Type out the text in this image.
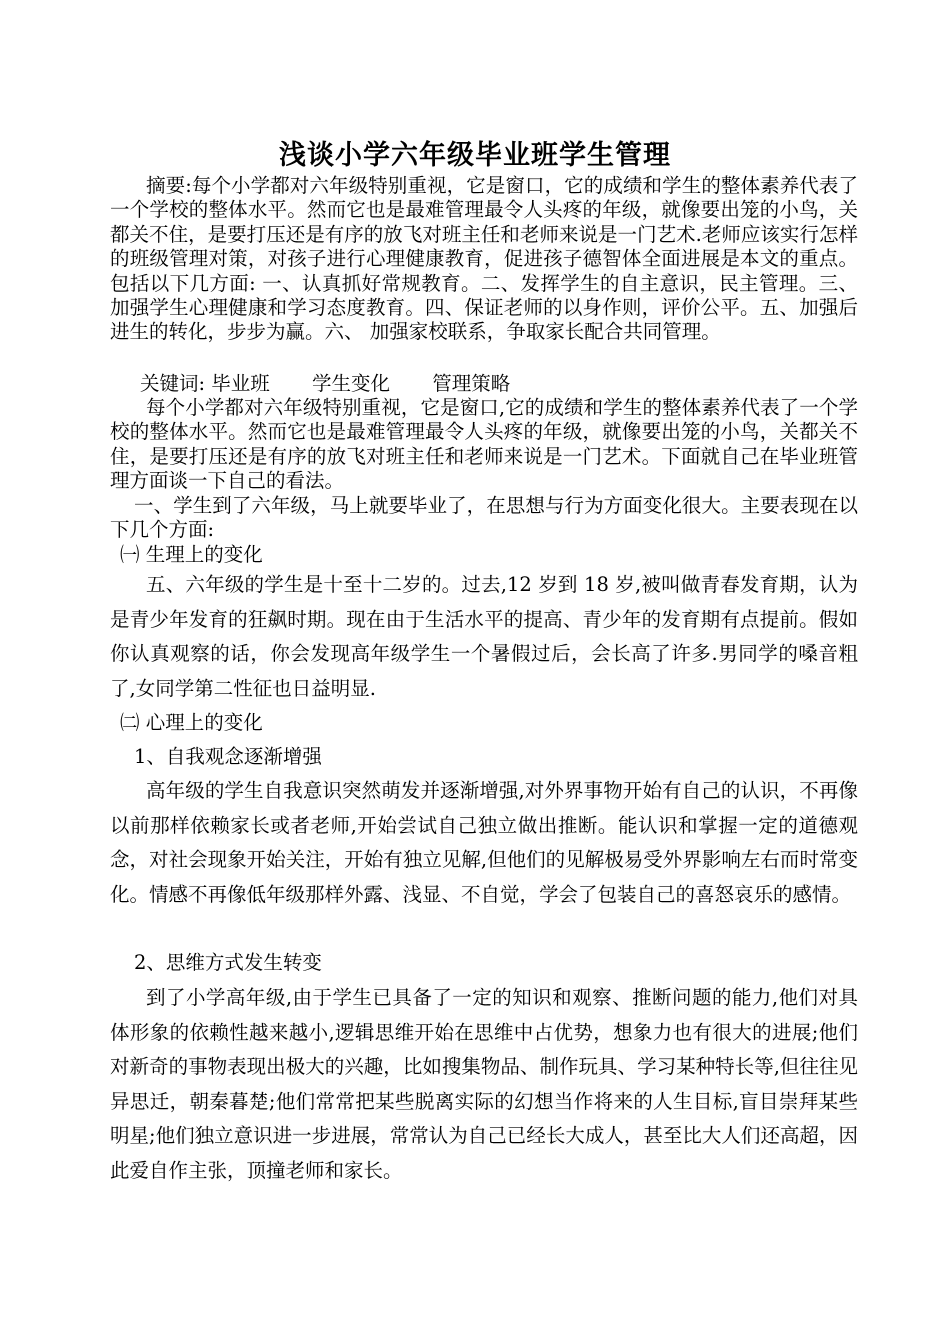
浅谈小学六年级毕业班学生管理

摘要:每个小学都对六年级特别重视，它是窗口，它的成绩和学生的整体素养代表了一个学校的整体水平。然而它也是最难管理最令人头疼的年级，就像要出笼的小鸟，关都关不住，是要打压还是有序的放飞对班主任和老师来说是一门艺术.老师应该实行怎样的班级管理对策，对孩子进行心理健康教育，促进孩子德智体全面进展是本文的重点。包括以下几方面: 一、认真抓好常规教育。二、发挥学生的自主意识，民主管理。三、加强学生心理健康和学习态度教育。四、保证老师的以身作则，评价公平。五、加强后进生的转化，步步为赢。六、 加强家校联系，争取家长配合共同管理。

关键词: 毕业班 学生变化 管理策略

每个小学都对六年级特别重视，它是窗口,它的成绩和学生的整体素养代表了一个学校的整体水平。然而它也是最难管理最令人头疼的年级，就像要出笼的小鸟，关都关不住，是要打压还是有序的放飞对班主任和老师来说是一门艺术。下面就自己在毕业班管理方面谈一下自己的看法。

一、学生到了六年级，马上就要毕业了，在思想与行为方面变化很大。主要表现在以下几个方面:

㈠ 生理上的变化

五、六年级的学生是十至十二岁的。过去,12 岁到 18 岁,被叫做青春发育期，认为是青少年发育的狂飙时期。现在由于生活水平的提高、青少年的发育期有点提前。假如你认真观察的话，你会发现高年级学生一个暑假过后，会长高了许多.男同学的嗓音粗了,女同学第二性征也日益明显.

㈡ 心理上的变化
1、自我观念逐渐增强

高年级的学生自我意识突然萌发并逐渐增强,对外界事物开始有自己的认识，不再像以前那样依赖家长或者老师,开始尝试自己独立做出推断。能认识和掌握一定的道德观念，对社会现象开始关注，开始有独立见解,但他们的见解极易受外界影响左右而时常变化。情感不再像低年级那样外露、浅显、不自觉，学会了包装自己的喜怒哀乐的感情。

2、思维方式发生转变

到了小学高年级,由于学生已具备了一定的知识和观察、推断问题的能力,他们对具体形象的依赖性越来越小,逻辑思维开始在思维中占优势，想象力也有很大的进展;他们对新奇的事物表现出极大的兴趣，比如搜集物品、制作玩具、学习某种特长等,但往往见异思迁，朝秦暮楚;他们常常把某些脱离实际的幻想当作将来的人生目标,盲目崇拜某些明星;他们独立意识进一步进展，常常认为自己已经长大成人，甚至比大人们还高超，因此爱自作主张，顶撞老师和家长。
